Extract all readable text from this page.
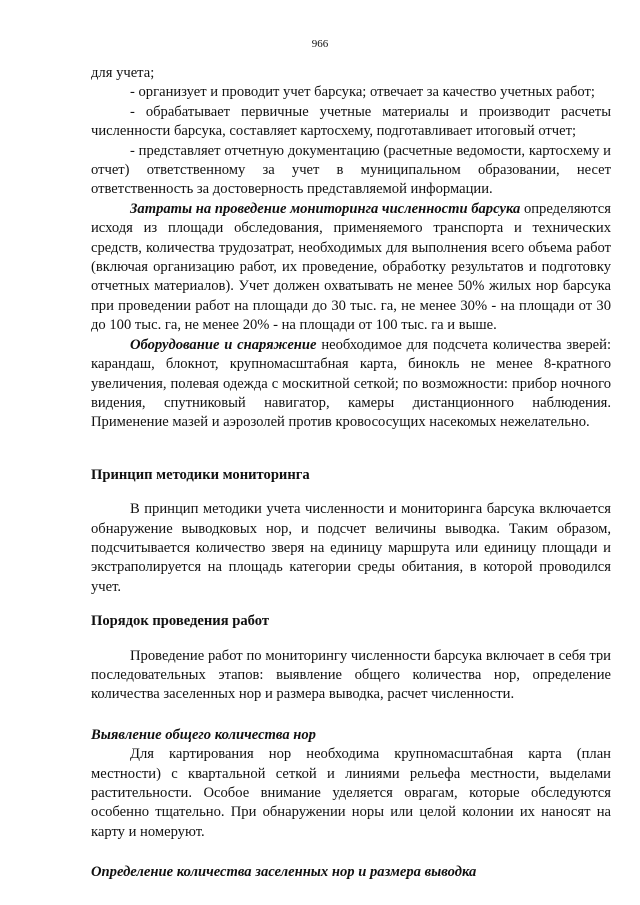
966

для учета;

- организует и проводит учет барсука; отвечает за качество учетных работ;

- обрабатывает первичные учетные материалы и производит расчеты численности барсука, составляет картосхему, подготавливает итоговый отчет;

- представляет отчетную документацию (расчетные ведомости, картосхему и отчет) ответственному за учет в муниципальном образовании, несет ответственность за достоверность представляемой информации.

Затраты на проведение мониторинга численности барсука определяются исходя из площади обследования, применяемого транспорта и технических средств, количества трудозатрат, необходимых для выполнения всего объема работ (включая организацию работ, их проведение, обработку результатов и подготовку отчетных материалов). Учет должен охватывать не менее 50% жилых нор барсука при проведении работ на площади до 30 тыс. га, не менее 30% - на площади от 30 до 100 тыс. га, не менее 20% - на площади от 100 тыс. га и выше.

Оборудование и снаряжение необходимое для подсчета количества зверей: карандаш, блокнот, крупномасштабная карта, бинокль не менее 8-кратного увеличения, полевая одежда с москитной сеткой; по возможности: прибор ночного видения, спутниковый навигатор, камеры дистанционного наблюдения. Применение мазей и аэрозолей против кровососущих насекомых нежелательно.

Принцип методики мониторинга

В принцип методики учета численности и мониторинга барсука включается обнаружение выводковых нор, и подсчет величины выводка. Таким образом, подсчитывается количество зверя на единицу маршрута или единицу площади и экстраполируется на площадь категории среды обитания, в которой проводился учет.

Порядок проведения работ

Проведение работ по мониторингу численности барсука включает в себя три последовательных этапов: выявление общего количества нор, определение количества заселенных нор и размера выводка, расчет численности.

Выявление общего количества нор

Для картирования нор необходима крупномасштабная карта (план местности) с квартальной сеткой и линиями рельефа местности, выделами растительности. Особое внимание уделяется оврагам, которые обследуются особенно тщательно. При обнаружении норы или целой колонии их наносят на карту и номеруют.

Определение количества заселенных нор и размера выводка
